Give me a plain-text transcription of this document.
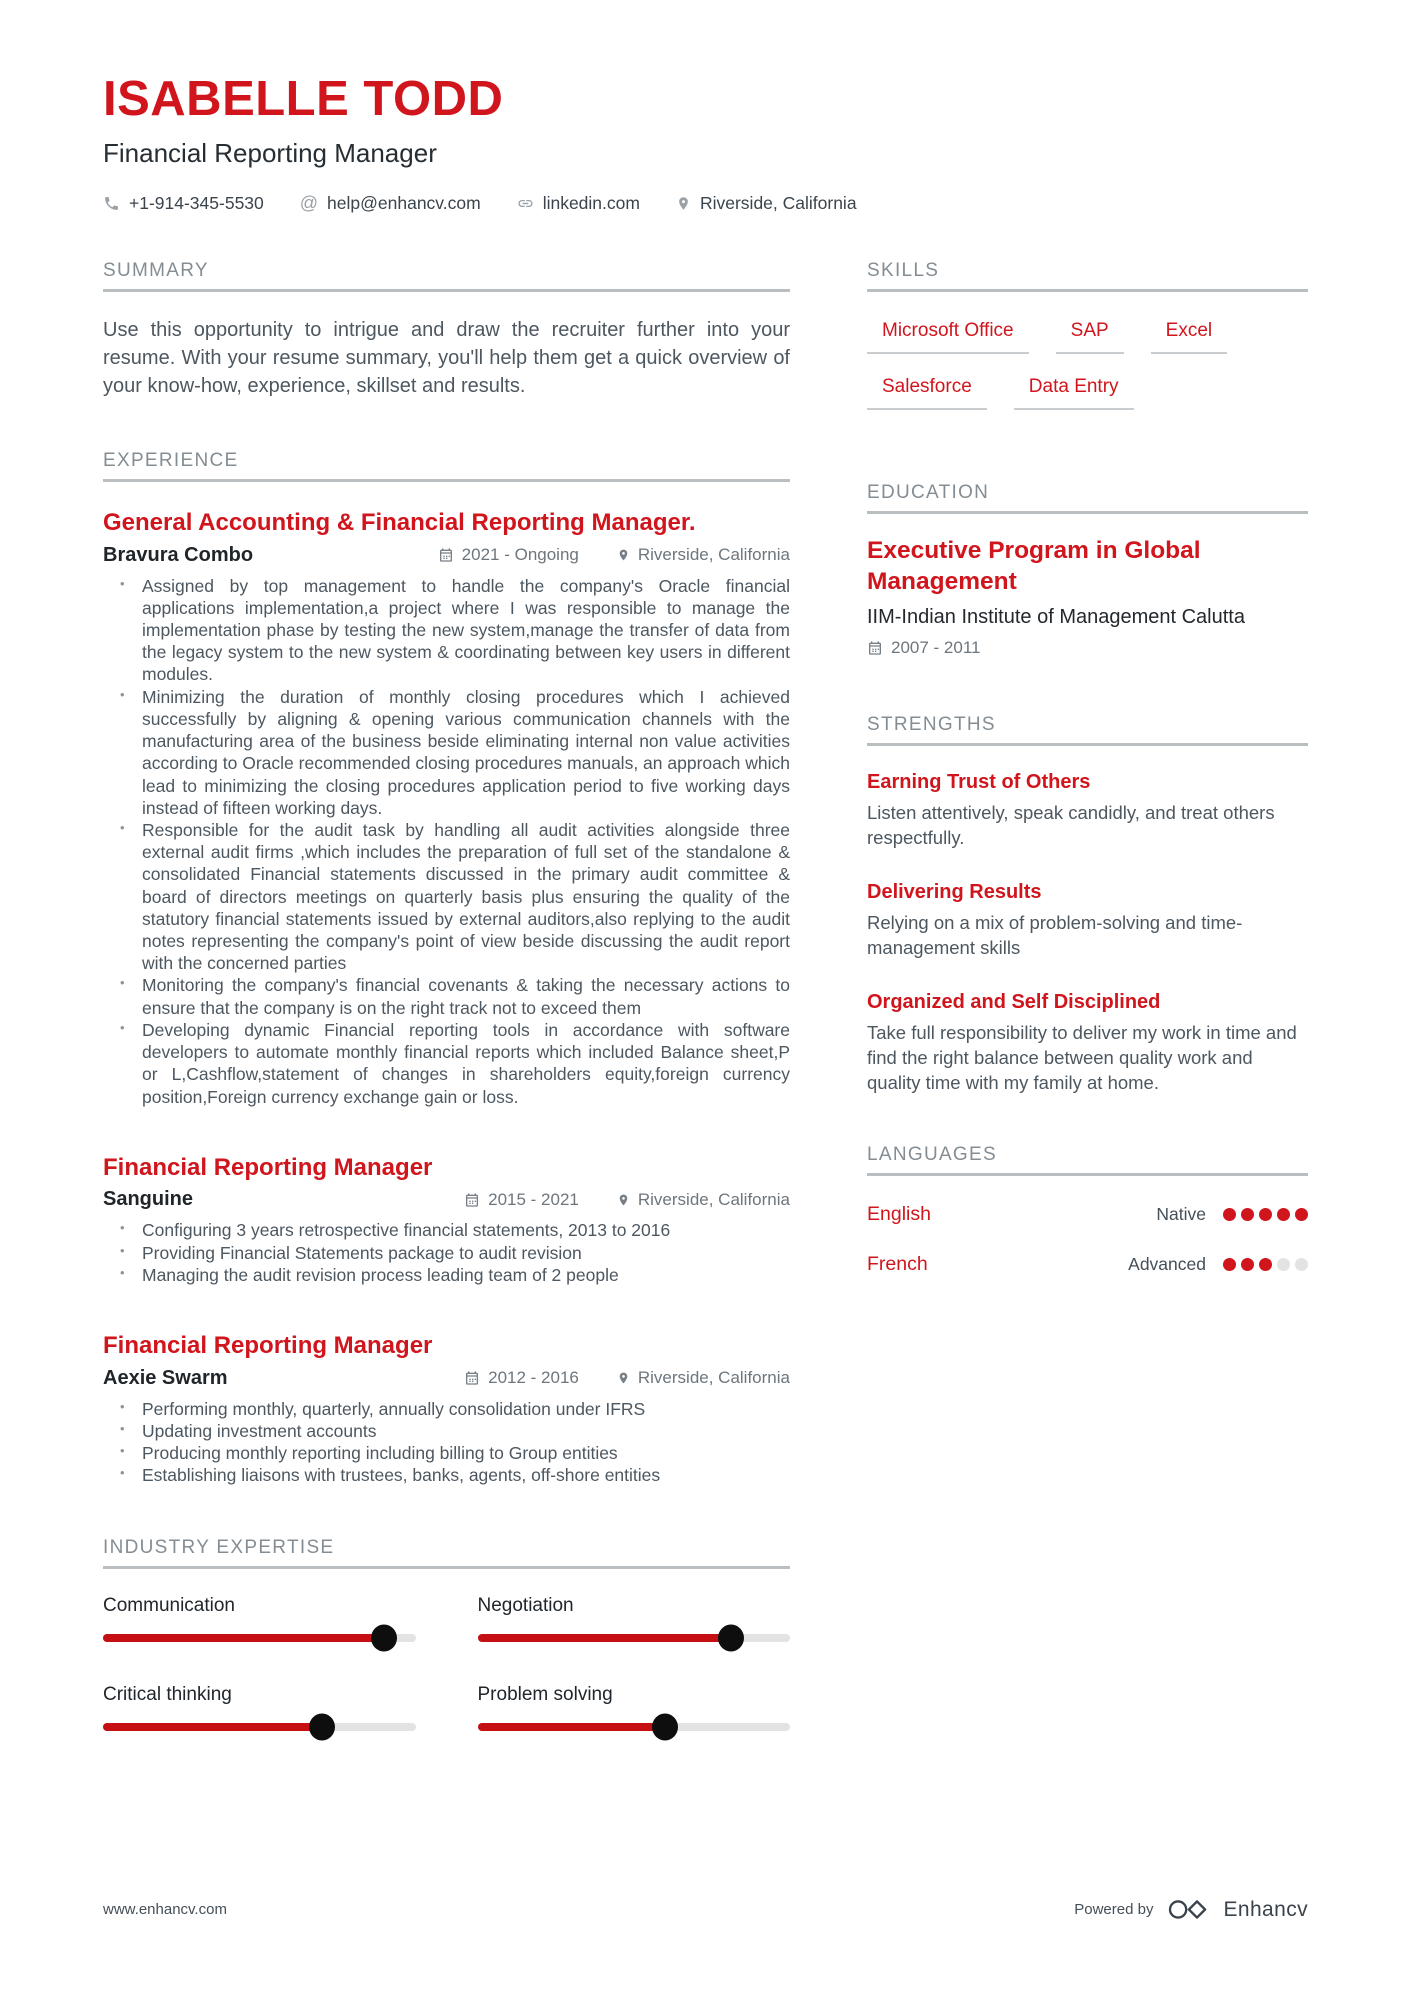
ISABELLE TODD
Financial Reporting Manager
+1-914-345-5530 @ help@enhancv.com	linkedin.com	Riverside, California
SUMMARY
Use this opportunity to intrigue and draw the recruiter further into your resume. With your resume summary, you'll help them get a quick overview of your know-how, experience, skillset and results.
EXPERIENCE
General Accounting & Financial Reporting Manager.
Bravura Combo	2021 - Ongoing	Riverside, California
• Assigned by top management to handle the company's Oracle financial applications implementation,a project where I was responsible to manage the implementation phase by testing the new system,manage the transfer of data from the legacy system to the new system & coordinating between key users in different modules.
• Minimizing the duration of monthly closing procedures which I achieved successfully by aligning & opening various communication channels with the manufacturing area of the business beside eliminating internal non value activities according to Oracle recommended closing procedures manuals, an approach which lead to minimizing the closing procedures application period to five working days instead of fifteen working days.
• Responsible for the audit task by handling all audit activities alongside three external audit firms ,which includes the preparation of full set of the standalone & consolidated Financial statements discussed in the primary audit committee & board of directors meetings on quarterly basis plus ensuring the quality of the statutory financial statements issued by external auditors,also replying to the audit notes representing the company's point of view beside discussing the audit report with the concerned parties
• Monitoring the company's financial covenants & taking the necessary actions to ensure that the company is on the right track not to exceed them
• Developing dynamic Financial reporting tools in accordance with software developers to automate monthly financial reports which included Balance sheet,P or L,Cashflow,statement of changes in shareholders equity,foreign currency position,Foreign currency exchange gain or loss.
Financial Reporting Manager
Sanguine	2015 - 2021	Riverside, California
• Configuring 3 years retrospective financial statements, 2013 to 2016
• Providing Financial Statements package to audit revision
• Managing the audit revision process leading team of 2 people
Financial Reporting Manager
Aexie Swarm	2012 - 2016	Riverside, California
• Performing monthly, quarterly, annually consolidation under IFRS
• Updating investment accounts
• Producing monthly reporting including billing to Group entities
• Establishing liaisons with trustees, banks, agents, off-shore entities
INDUSTRY EXPERTISE
Communication	Negotiation
Critical thinking	Problem solving
SKILLS
Microsoft Office	SAP	Excel
Salesforce	Data Entry
EDUCATION
Executive Program in Global Management
IIM-Indian Institute of Management Calutta
2007 - 2011
STRENGTHS
Earning Trust of Others
Listen attentively, speak candidly, and treat others respectfully.
Delivering Results
Relying on a mix of problem-solving and time-management skills
Organized and Self Disciplined
Take full responsibility to deliver my work in time and find the right balance between quality work and quality time with my family at home.
LANGUAGES
English	Native
French	Advanced
www.enhancv.com	Powered by	Enhancv
